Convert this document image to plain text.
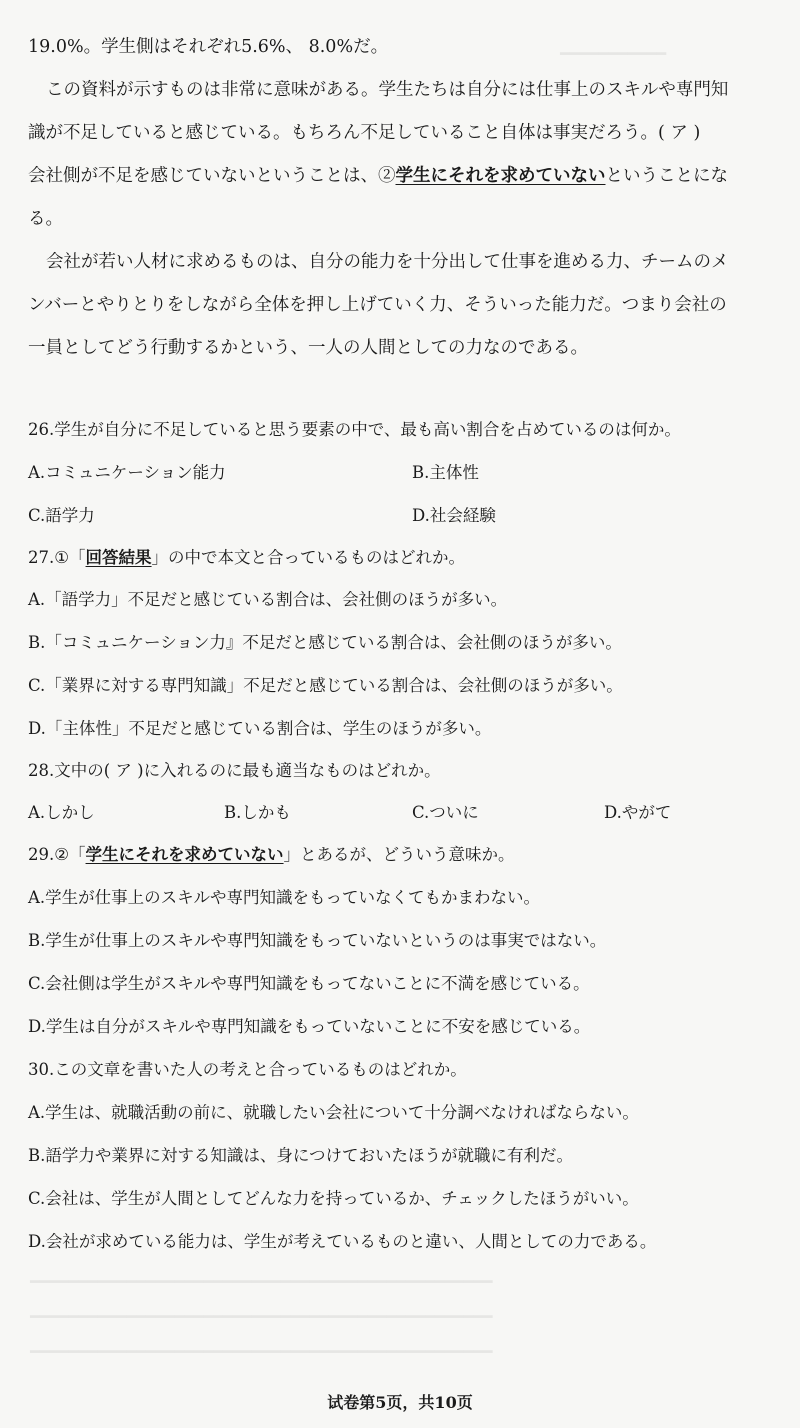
━━━━━━━━━━━
━━━━━━━━━━━━━━━━━━━━━━━━━━━━━━━━━━━━━━━━━━━━━━━━
━━━━━━━━━━━━━━━━━━━━━━━━━━━━━━━━━━━━━━━━━━━━━━━━
━━━━━━━━━━━━━━━━━━━━━━━━━━━━━━━━━━━━━━━━━━━━━━━━
19.0%。学生側はそれぞれ5.6%、 8.0%だ。
この資料が示すものは非常に意味がある。学生たちは自分には仕事上のスキルや専門知
識が不足していると感じている。もちろん不足していること自体は事実だろう。( ア )
会社側が不足を感じていないということは、②学生にそれを求めていないということにな
る。
会社が若い人材に求めるものは、自分の能力を十分出して仕事を進める力、チームのメ
ンバーとやりとりをしながら全体を押し上げていく力、そういった能力だ。つまり会社の
一員としてどう行動するかという、一人の人間としての力なのである。
26.学生が自分に不足していると思う要素の中で、最も高い割合を占めているのは何か。
A.コミュニケーション能力	B.主体性
C.語学力	D.社会経験
27.①「回答結果」の中で本文と合っているものはどれか。
A.「語学力」不足だと感じている割合は、会社側のほうが多い。
B.「コミュニケーション力』不足だと感じている割合は、会社側のほうが多い。
C.「業界に対する専門知識」不足だと感じている割合は、会社側のほうが多い。
D.「主体性」不足だと感じている割合は、学生のほうが多い。
28.文中の( ア )に入れるのに最も適当なものはどれか。
A.しかし	B.しかも	C.ついに	D.やがて
29.②「学生にそれを求めていない」とあるが、どういう意味か。
A.学生が仕事上のスキルや専門知識をもっていなくてもかまわない。
B.学生が仕事上のスキルや専門知識をもっていないというのは事実ではない。
C.会社側は学生がスキルや専門知識をもってないことに不満を感じている。
D.学生は自分がスキルや専門知識をもっていないことに不安を感じている。
30.この文章を書いた人の考えと合っているものはどれか。
A.学生は、就職活動の前に、就職したい会社について十分調べなければならない。
B.語学力や業界に対する知識は、身につけておいたほうが就職に有利だ。
C.会社は、学生が人間としてどんな力を持っているか、チェックしたほうがいい。
D.会社が求めている能力は、学生が考えているものと違い、人間としての力である。
试卷第5页，共10页
